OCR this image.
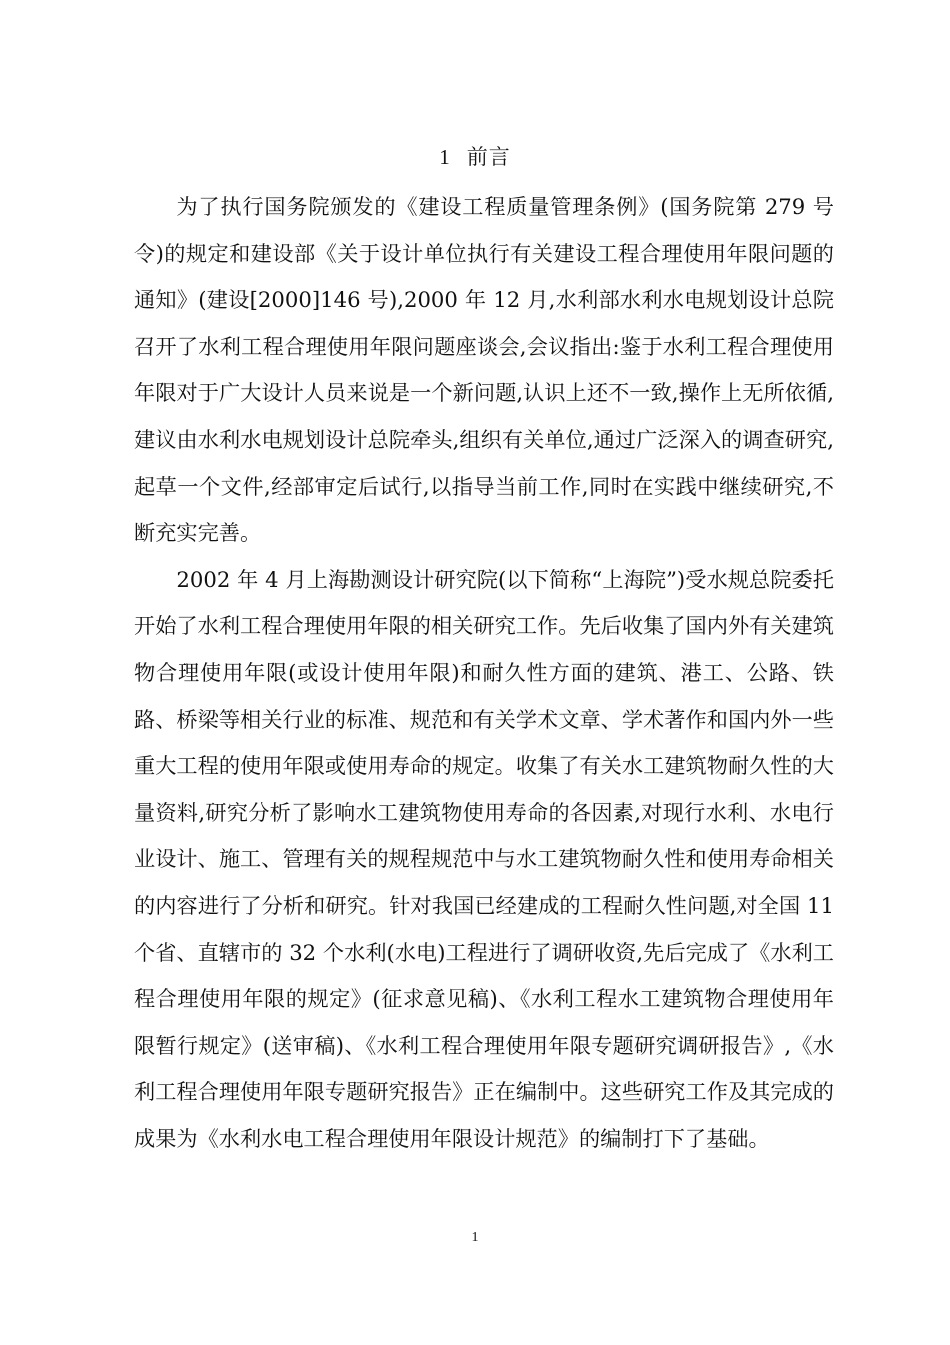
1 前言

为了执行国务院颁发的《建设工程质量管理条例》(国务院第 279 号令)的规定和建设部《关于设计单位执行有关建设工程合理使用年限问题的通知》(建设[2000]146 号),2000 年 12 月,水利部水利水电规划设计总院召开了水利工程合理使用年限问题座谈会,会议指出:鉴于水利工程合理使用年限对于广大设计人员来说是一个新问题,认识上还不一致,操作上无所依循,建议由水利水电规划设计总院牵头,组织有关单位,通过广泛深入的调查研究,起草一个文件,经部审定后试行,以指导当前工作,同时在实践中继续研究,不断充实完善。

2002 年 4 月上海勘测设计研究院(以下简称“上海院”)受水规总院委托开始了水利工程合理使用年限的相关研究工作。先后收集了国内外有关建筑物合理使用年限(或设计使用年限)和耐久性方面的建筑、港工、公路、铁路、桥梁等相关行业的标准、规范和有关学术文章、学术著作和国内外一些重大工程的使用年限或使用寿命的规定。收集了有关水工建筑物耐久性的大量资料,研究分析了影响水工建筑物使用寿命的各因素,对现行水利、水电行业设计、施工、管理有关的规程规范中与水工建筑物耐久性和使用寿命相关的内容进行了分析和研究。针对我国已经建成的工程耐久性问题,对全国 11 个省、直辖市的 32 个水利(水电)工程进行了调研收资,先后完成了《水利工程合理使用年限的规定》(征求意见稿)、《水利工程水工建筑物合理使用年限暂行规定》(送审稿)、《水利工程合理使用年限专题研究调研报告》,《水利工程合理使用年限专题研究报告》正在编制中。这些研究工作及其完成的成果为《水利水电工程合理使用年限设计规范》的编制打下了基础。

1
